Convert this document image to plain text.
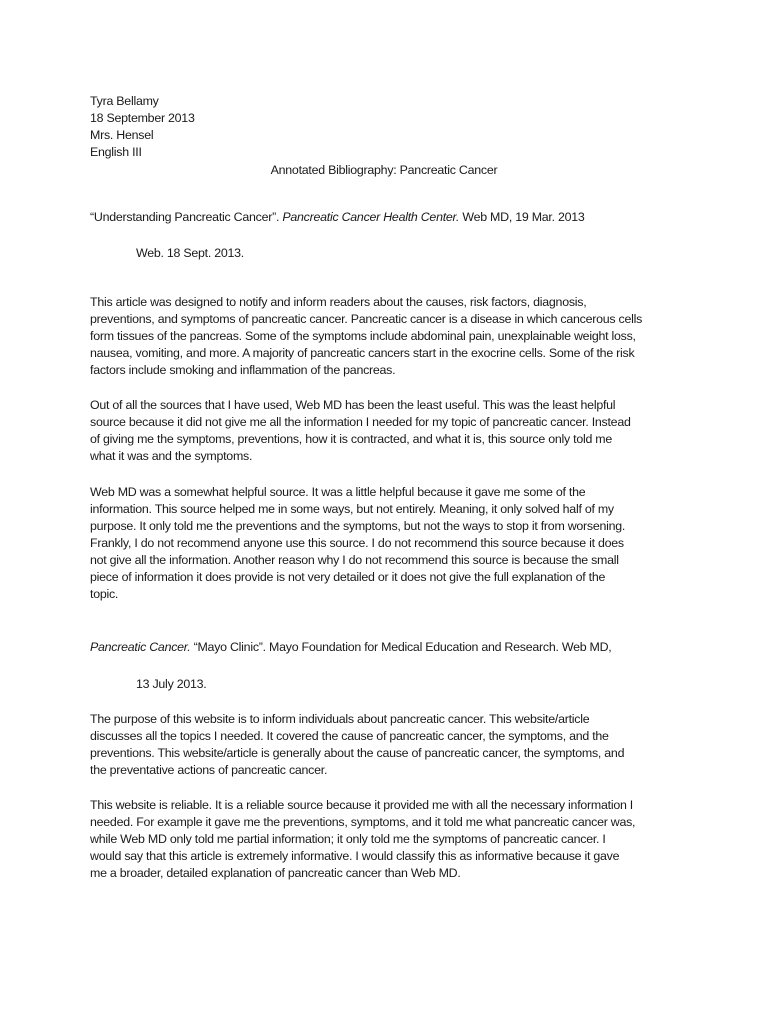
Tyra Bellamy
18 September 2013
Mrs. Hensel
English III
Annotated Bibliography: Pancreatic Cancer
“Understanding Pancreatic Cancer”. Pancreatic Cancer Health Center. Web MD, 19 Mar. 2013
Web. 18 Sept. 2013.
This article was designed to notify and inform readers about the causes, risk factors, diagnosis,
preventions, and symptoms of pancreatic cancer. Pancreatic cancer is a disease in which cancerous cells
form tissues of the pancreas. Some of the symptoms include abdominal pain, unexplainable weight loss,
nausea, vomiting, and more. A majority of pancreatic cancers start in the exocrine cells. Some of the risk
factors include smoking and inflammation of the pancreas.
Out of all the sources that I have used, Web MD has been the least useful. This was the least helpful
source because it did not give me all the information I needed for my topic of pancreatic cancer. Instead
of giving me the symptoms, preventions, how it is contracted, and what it is, this source only told me
what it was and the symptoms.
Web MD was a somewhat helpful source. It was a little helpful because it gave me some of the
information. This source helped me in some ways, but not entirely. Meaning, it only solved half of my
purpose. It only told me the preventions and the symptoms, but not the ways to stop it from worsening.
Frankly, I do not recommend anyone use this source. I do not recommend this source because it does
not give all the information. Another reason why I do not recommend this source is because the small
piece of information it does provide is not very detailed or it does not give the full explanation of the
topic.
Pancreatic Cancer. “Mayo Clinic”. Mayo Foundation for Medical Education and Research. Web MD,
13 July 2013.
The purpose of this website is to inform individuals about pancreatic cancer. This website/article
discusses all the topics I needed. It covered the cause of pancreatic cancer, the symptoms, and the
preventions. This website/article is generally about the cause of pancreatic cancer, the symptoms, and
the preventative actions of pancreatic cancer.
This website is reliable. It is a reliable source because it provided me with all the necessary information I
needed. For example it gave me the preventions, symptoms, and it told me what pancreatic cancer was,
while Web MD only told me partial information; it only told me the symptoms of pancreatic cancer. I
would say that this article is extremely informative. I would classify this as informative because it gave
me a broader, detailed explanation of pancreatic cancer than Web MD.
